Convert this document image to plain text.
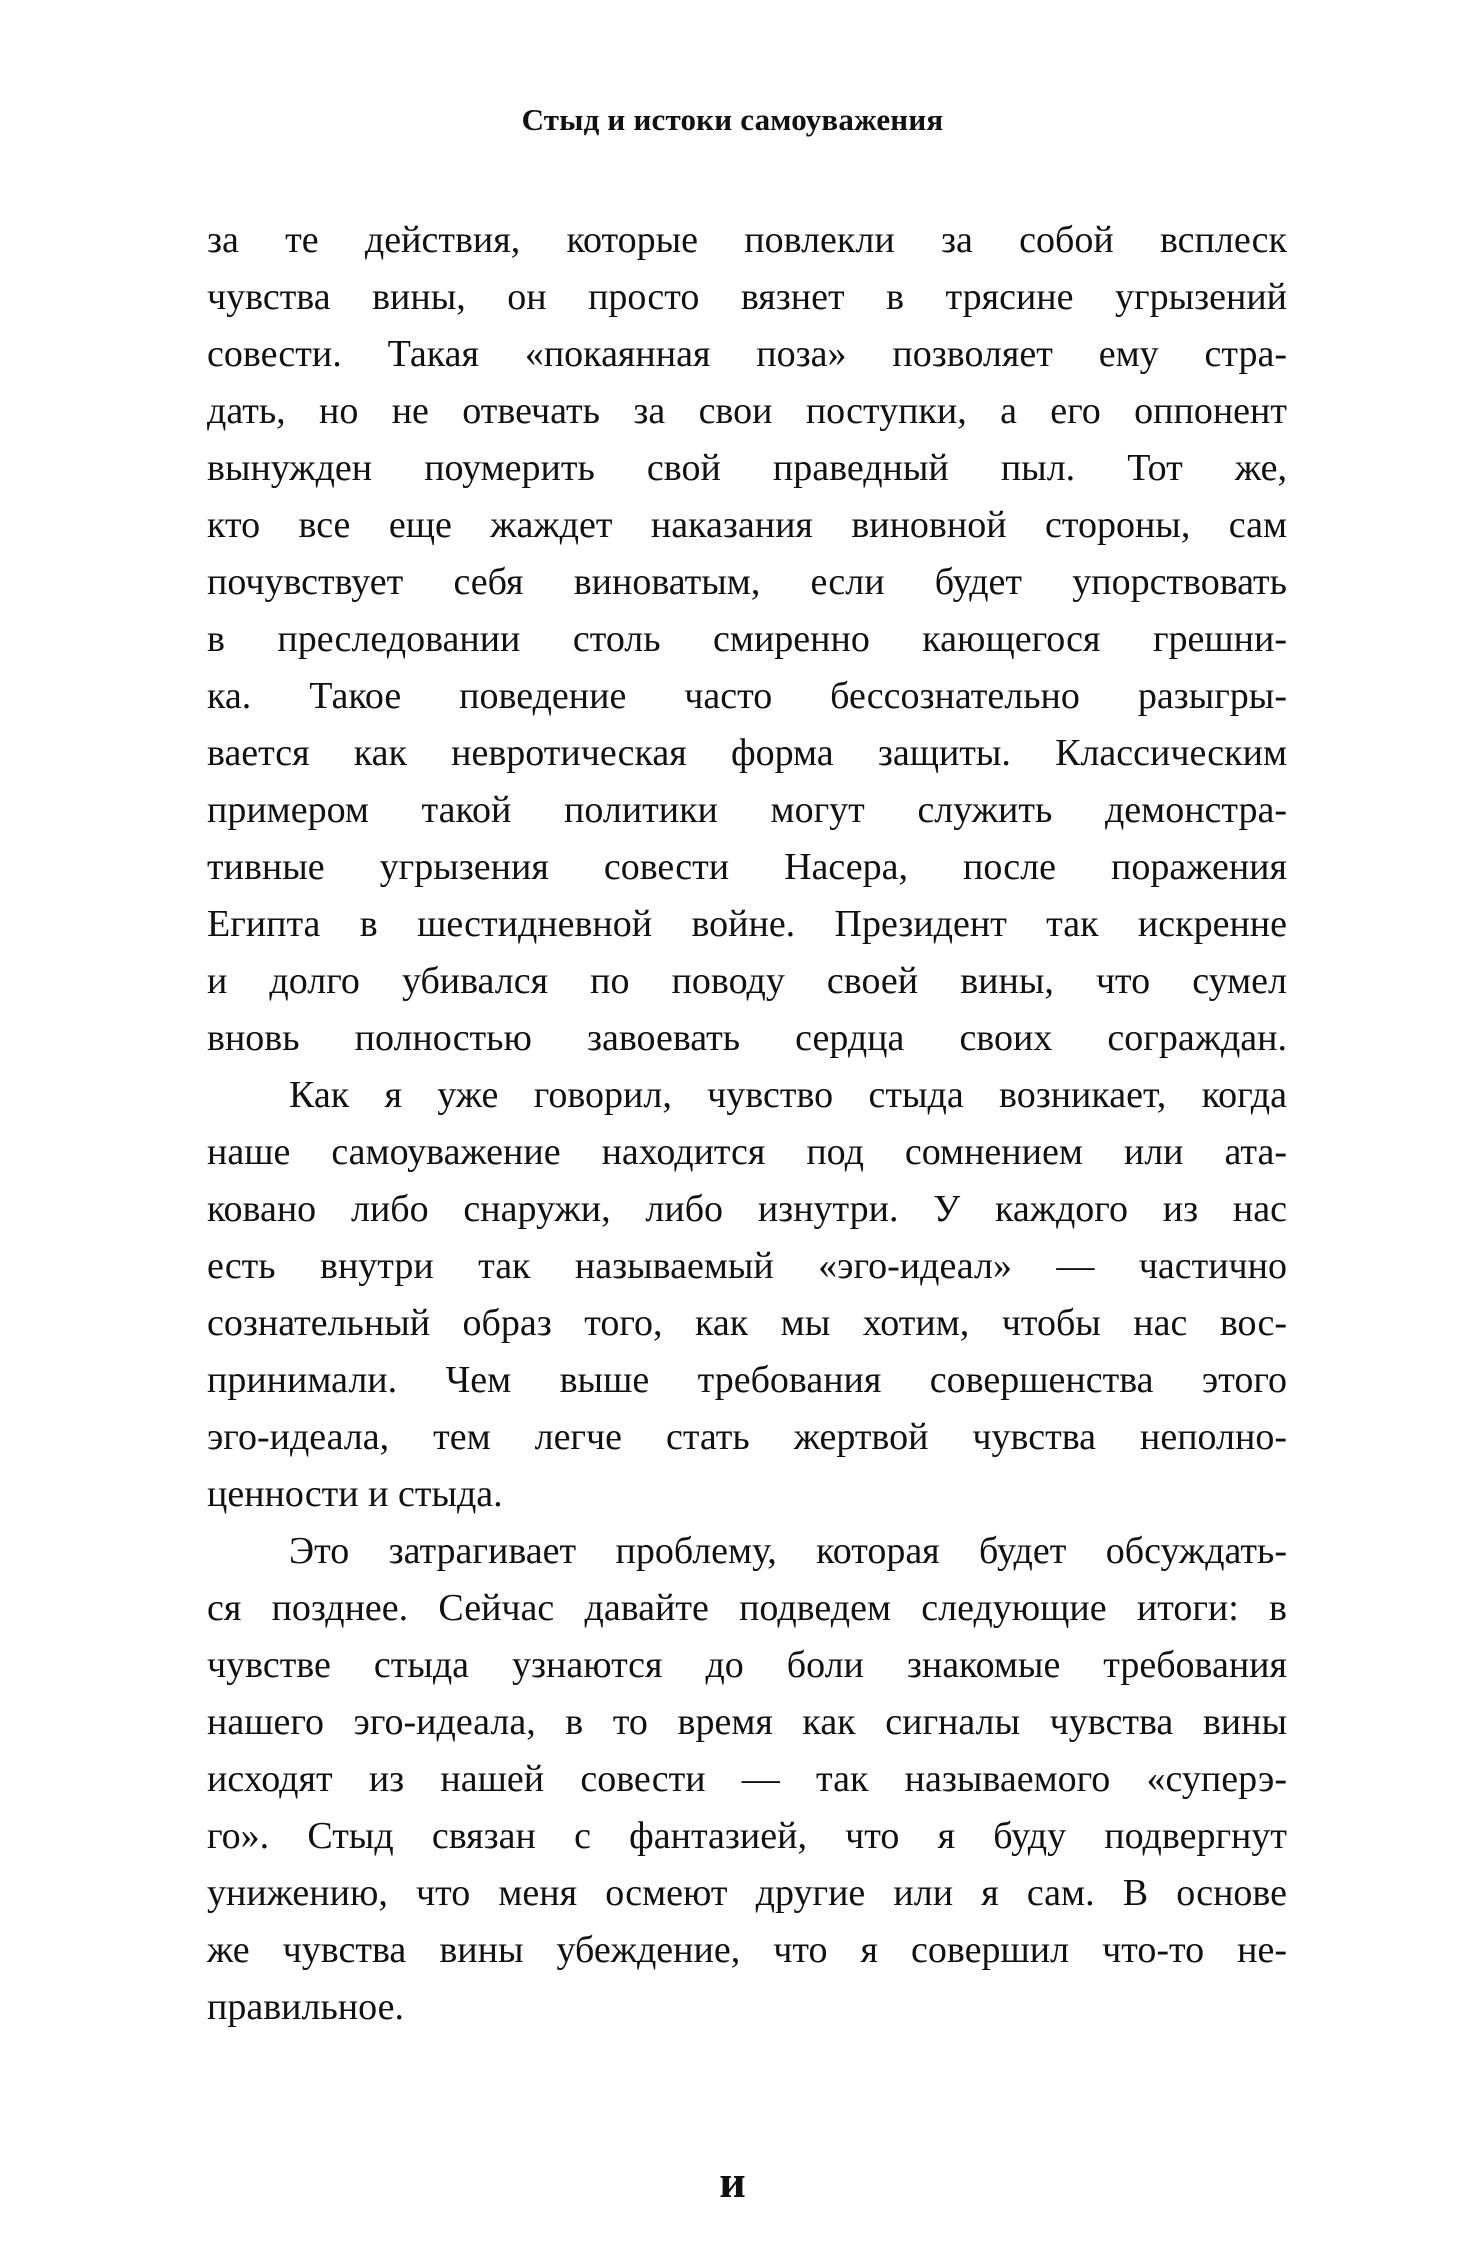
Стыд и истоки самоуважения
за те действия, которые повлекли за собой всплеск
чувства вины, он просто вязнет в трясине угрызений
совести. Такая «покаянная поза» позволяет ему стра-
дать, но не отвечать за свои поступки, а его оппонент
вынужден поумерить свой праведный пыл. Тот же,
кто все еще жаждет наказания виновной стороны, сам
почувствует себя виноватым, если будет упорствовать
в преследовании столь смиренно кающегося грешни-
ка. Такое поведение часто бессознательно разыгры-
вается как невротическая форма защиты. Классическим
примером такой политики могут служить демонстра-
тивные угрызения совести Насера, после поражения
Египта в шестидневной войне. Президент так искренне
и долго убивался по поводу своей вины, что сумел
вновь полностью завоевать сердца своих сограждан.
Как я уже говорил, чувство стыда возникает, когда
наше самоуважение находится под сомнением или ата-
ковано либо снаружи, либо изнутри. У каждого из нас
есть внутри так называемый «эго-идеал» — частично
сознательный образ того, как мы хотим, чтобы нас вос-
принимали. Чем выше требования совершенства этого
эго-идеала, тем легче стать жертвой чувства неполно-
ценности и стыда.
Это затрагивает проблему, которая будет обсуждать-
ся позднее. Сейчас давайте подведем следующие итоги: в
чувстве стыда узнаются до боли знакомые требования
нашего эго-идеала, в то время как сигналы чувства вины
исходят из нашей совести — так называемого «суперэ-
го». Стыд связан с фантазией, что я буду подвергнут
унижению, что меня осмеют другие или я сам. В основе
же чувства вины убеждение, что я совершил что-то не-
правильное.
и
